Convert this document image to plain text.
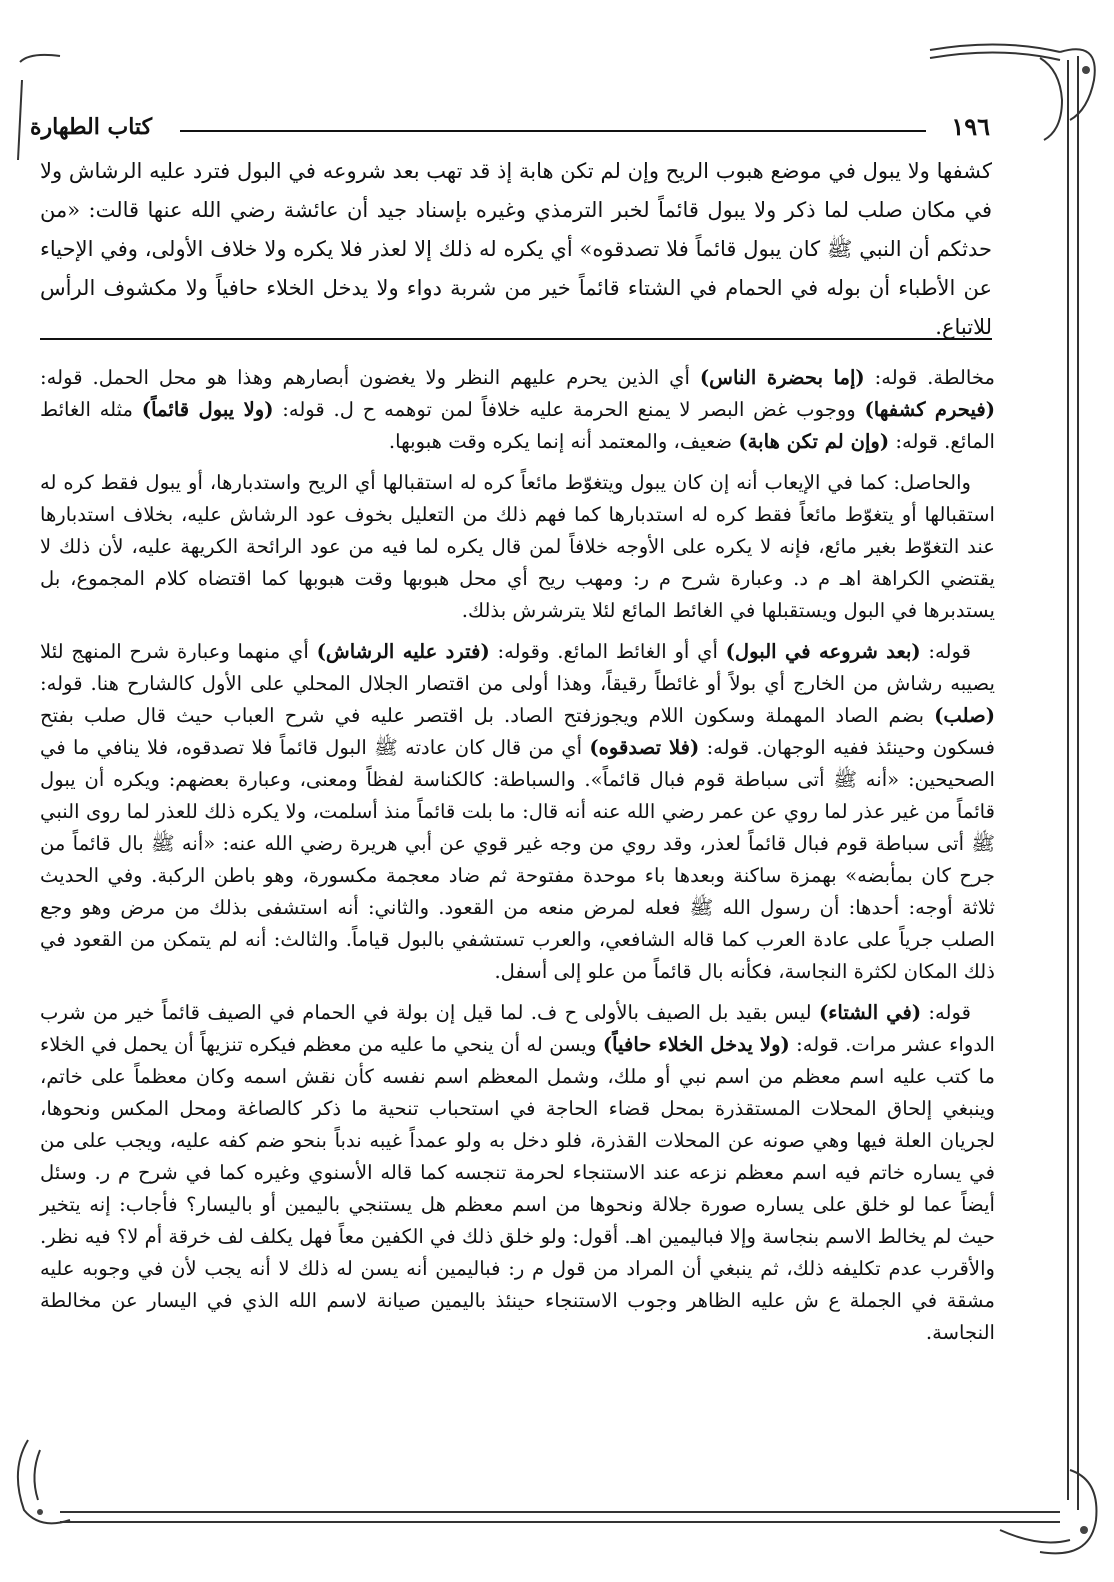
١٩٦
كتاب الطهارة

كشفها ولا يبول في موضع هبوب الريح وإن لم تكن هابة إذ قد تهب بعد شروعه في البول فترد عليه الرشاش ولا في مكان صلب لما ذكر ولا يبول قائماً لخبر الترمذي وغيره بإسناد جيد أن عائشة رضي الله عنها قالت: «من حدثكم أن النبي ﷺ كان يبول قائماً فلا تصدقوه» أي يكره له ذلك إلا لعذر فلا يكره ولا خلاف الأولى، وفي الإحياء عن الأطباء أن بوله في الحمام في الشتاء قائماً خير من شربة دواء ولا يدخل الخلاء حافياً ولا مكشوف الرأس للاتباع.

مخالطة. قوله: (إما بحضرة الناس) أي الذين يحرم عليهم النظر ولا يغضون أبصارهم وهذا هو محل الحمل. قوله: (فيحرم كشفها) ووجوب غض البصر لا يمنع الحرمة عليه خلافاً لمن توهمه ح ل. قوله: (ولا يبول قائماً) مثله الغائط المائع. قوله: (وإن لم تكن هابة) ضعيف، والمعتمد أنه إنما يكره وقت هبوبها.

والحاصل: كما في الإيعاب أنه إن كان يبول ويتغوّط مائعاً كره له استقبالها أي الريح واستدبارها، أو يبول فقط كره له استقبالها أو يتغوّط مائعاً فقط كره له استدبارها كما فهم ذلك من التعليل بخوف عود الرشاش عليه، بخلاف استدبارها عند التغوّط بغير مائع، فإنه لا يكره على الأوجه خلافاً لمن قال يكره لما فيه من عود الرائحة الكريهة عليه، لأن ذلك لا يقتضي الكراهة اهـ م د. وعبارة شرح م ر: ومهب ريح أي محل هبوبها وقت هبوبها كما اقتضاه كلام المجموع، بل يستدبرها في البول ويستقبلها في الغائط المائع لئلا يترشرش بذلك.

قوله: (بعد شروعه في البول) أي أو الغائط المائع. وقوله: (فترد عليه الرشاش) أي منهما وعبارة شرح المنهج لئلا يصيبه رشاش من الخارج أي بولاً أو غائطاً رقيقاً، وهذا أولى من اقتصار الجلال المحلي على الأول كالشارح هنا. قوله: (صلب) بضم الصاد المهملة وسكون اللام ويجوزفتح الصاد. بل اقتصر عليه في شرح العباب حيث قال صلب بفتح فسكون وحينئذ ففيه الوجهان. قوله: (فلا تصدقوه) أي من قال كان عادته ﷺ البول قائماً فلا تصدقوه، فلا ينافي ما في الصحيحين: «أنه ﷺ أتى سباطة قوم فبال قائماً». والسباطة: كالكناسة لفظاً ومعنى، وعبارة بعضهم: ويكره أن يبول قائماً من غير عذر لما روي عن عمر رضي الله عنه أنه قال: ما بلت قائماً منذ أسلمت، ولا يكره ذلك للعذر لما روى النبي ﷺ أتى سباطة قوم فبال قائماً لعذر، وقد روي من وجه غير قوي عن أبي هريرة رضي الله عنه: «أنه ﷺ بال قائماً من جرح كان بمأبضه» بهمزة ساكنة وبعدها باء موحدة مفتوحة ثم ضاد معجمة مكسورة، وهو باطن الركبة. وفي الحديث ثلاثة أوجه: أحدها: أن رسول الله ﷺ فعله لمرض منعه من القعود. والثاني: أنه استشفى بذلك من مرض وهو وجع الصلب جرياً على عادة العرب كما قاله الشافعي، والعرب تستشفي بالبول قياماً. والثالث: أنه لم يتمكن من القعود في ذلك المكان لكثرة النجاسة، فكأنه بال قائماً من علو إلى أسفل.

قوله: (في الشتاء) ليس بقيد بل الصيف بالأولى ح ف. لما قيل إن بولة في الحمام في الصيف قائماً خير من شرب الدواء عشر مرات. قوله: (ولا يدخل الخلاء حافياً) ويسن له أن ينحي ما عليه من معظم فيكره تنزيهاً أن يحمل في الخلاء ما كتب عليه اسم معظم من اسم نبي أو ملك، وشمل المعظم اسم نفسه كأن نقش اسمه وكان معظماً على خاتم، وينبغي إلحاق المحلات المستقذرة بمحل قضاء الحاجة في استحباب تنحية ما ذكر كالصاغة ومحل المكس ونحوها، لجريان العلة فيها وهي صونه عن المحلات القذرة، فلو دخل به ولو عمداً غيبه ندباً بنحو ضم كفه عليه، ويجب على من في يساره خاتم فيه اسم معظم نزعه عند الاستنجاء لحرمة تنجسه كما قاله الأسنوي وغيره كما في شرح م ر. وسئل أيضاً عما لو خلق على يساره صورة جلالة ونحوها من اسم معظم هل يستنجي باليمين أو باليسار؟ فأجاب: إنه يتخير حيث لم يخالط الاسم بنجاسة وإلا فباليمين اهـ. أقول: ولو خلق ذلك في الكفين معاً فهل يكلف لف خرقة أم لا؟ فيه نظر. والأقرب عدم تكليفه ذلك، ثم ينبغي أن المراد من قول م ر: فباليمين أنه يسن له ذلك لا أنه يجب لأن في وجوبه عليه مشقة في الجملة ع ش عليه الظاهر وجوب الاستنجاء حينئذ باليمين صيانة لاسم الله الذي في اليسار عن مخالطة النجاسة.
